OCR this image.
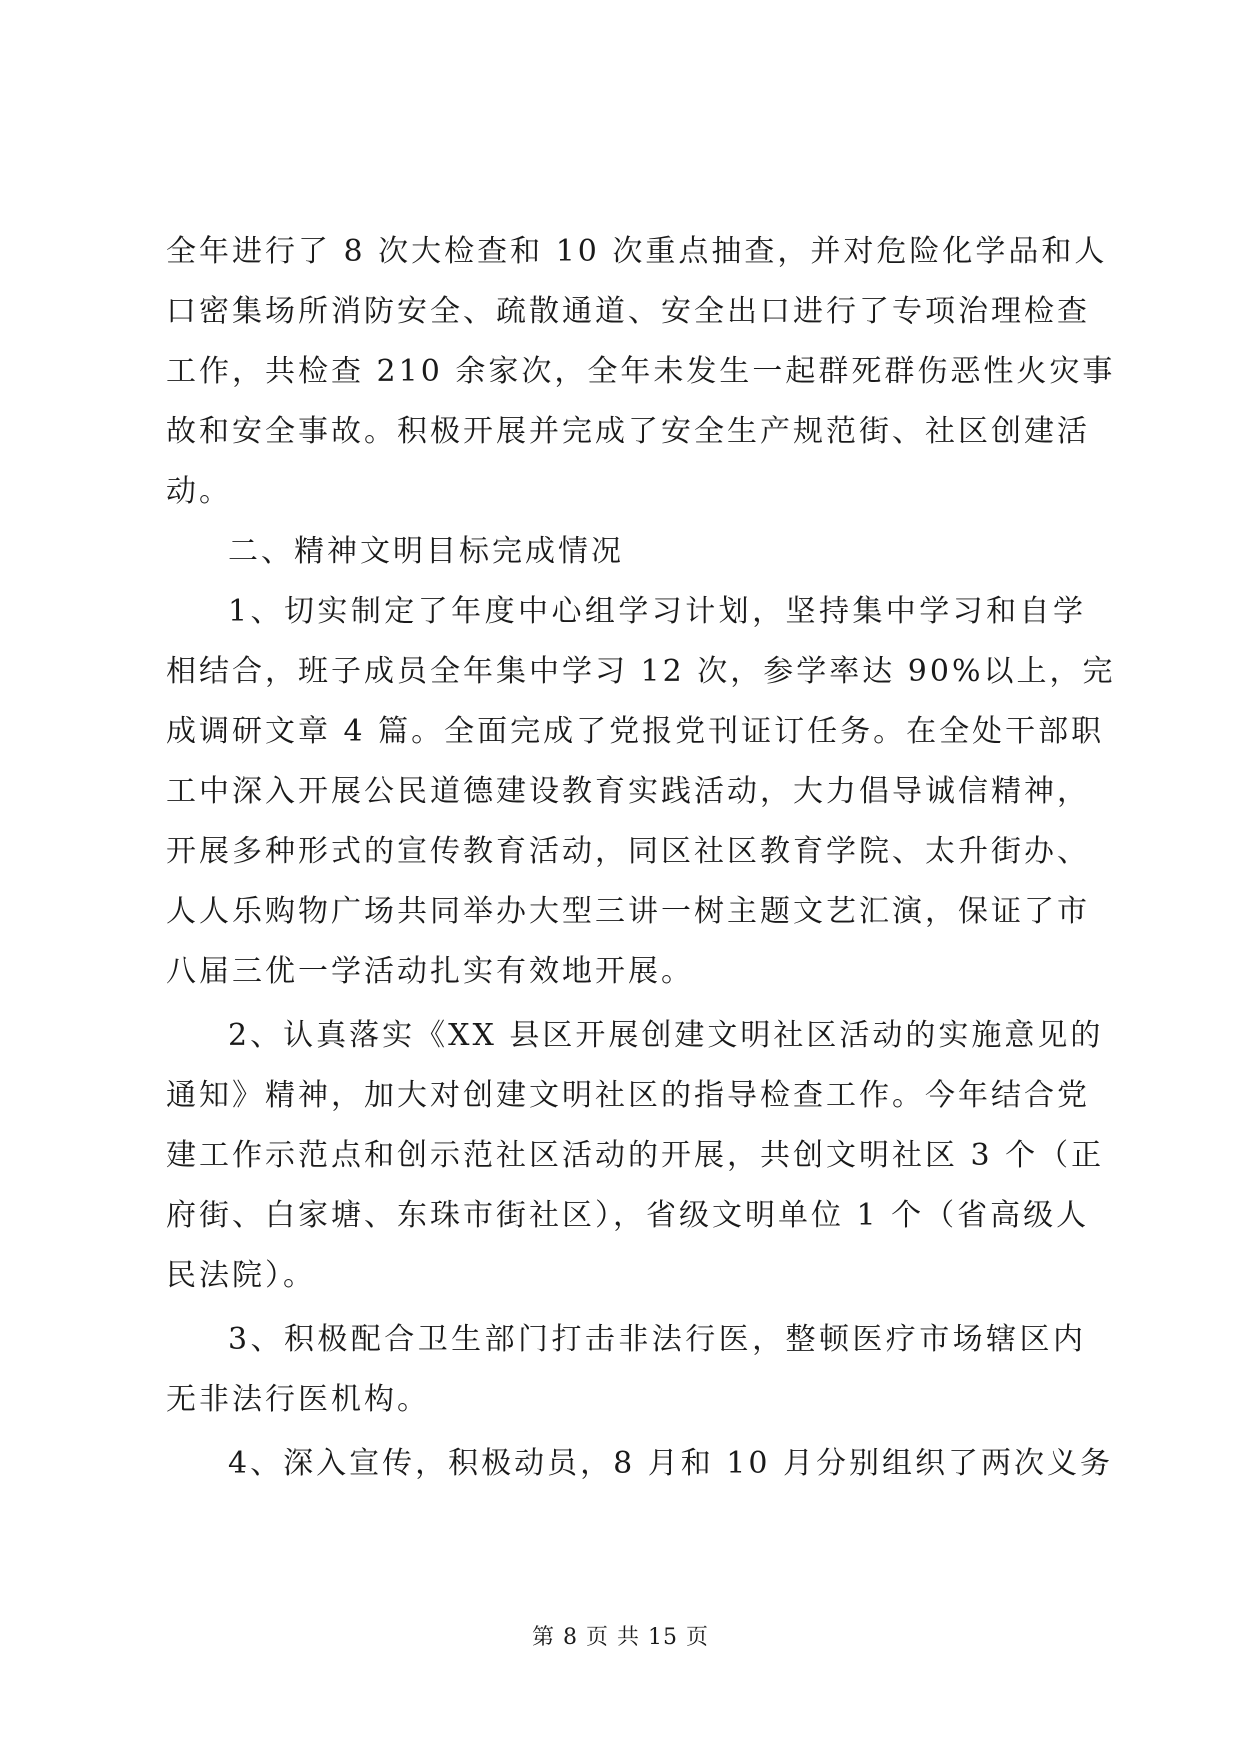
全年进行了 8 次大检查和 10 次重点抽查，并对危险化学品和人

口密集场所消防安全、疏散通道、安全出口进行了专项治理检查

工作，共检查 210 余家次，全年未发生一起群死群伤恶性火灾事

故和安全事故。积极开展并完成了安全生产规范街、社区创建活

动。

二、精神文明目标完成情况

1、切实制定了年度中心组学习计划，坚持集中学习和自学

相结合，班子成员全年集中学习 12 次，参学率达 90%以上，完

成调研文章 4 篇。全面完成了党报党刊证订任务。在全处干部职

工中深入开展公民道德建设教育实践活动，大力倡导诚信精神，

开展多种形式的宣传教育活动，同区社区教育学院、太升街办、

人人乐购物广场共同举办大型三讲一树主题文艺汇演，保证了市

八届三优一学活动扎实有效地开展。

2、认真落实《XX 县区开展创建文明社区活动的实施意见的

通知》精神，加大对创建文明社区的指导检查工作。今年结合党

建工作示范点和创示范社区活动的开展，共创文明社区 3 个（正

府街、白家塘、东珠市街社区），省级文明单位 1 个（省高级人

民法院）。

3、积极配合卫生部门打击非法行医，整顿医疗市场辖区内

无非法行医机构。

4、深入宣传，积极动员，8 月和 10 月分别组织了两次义务

第 8 页 共 15 页
